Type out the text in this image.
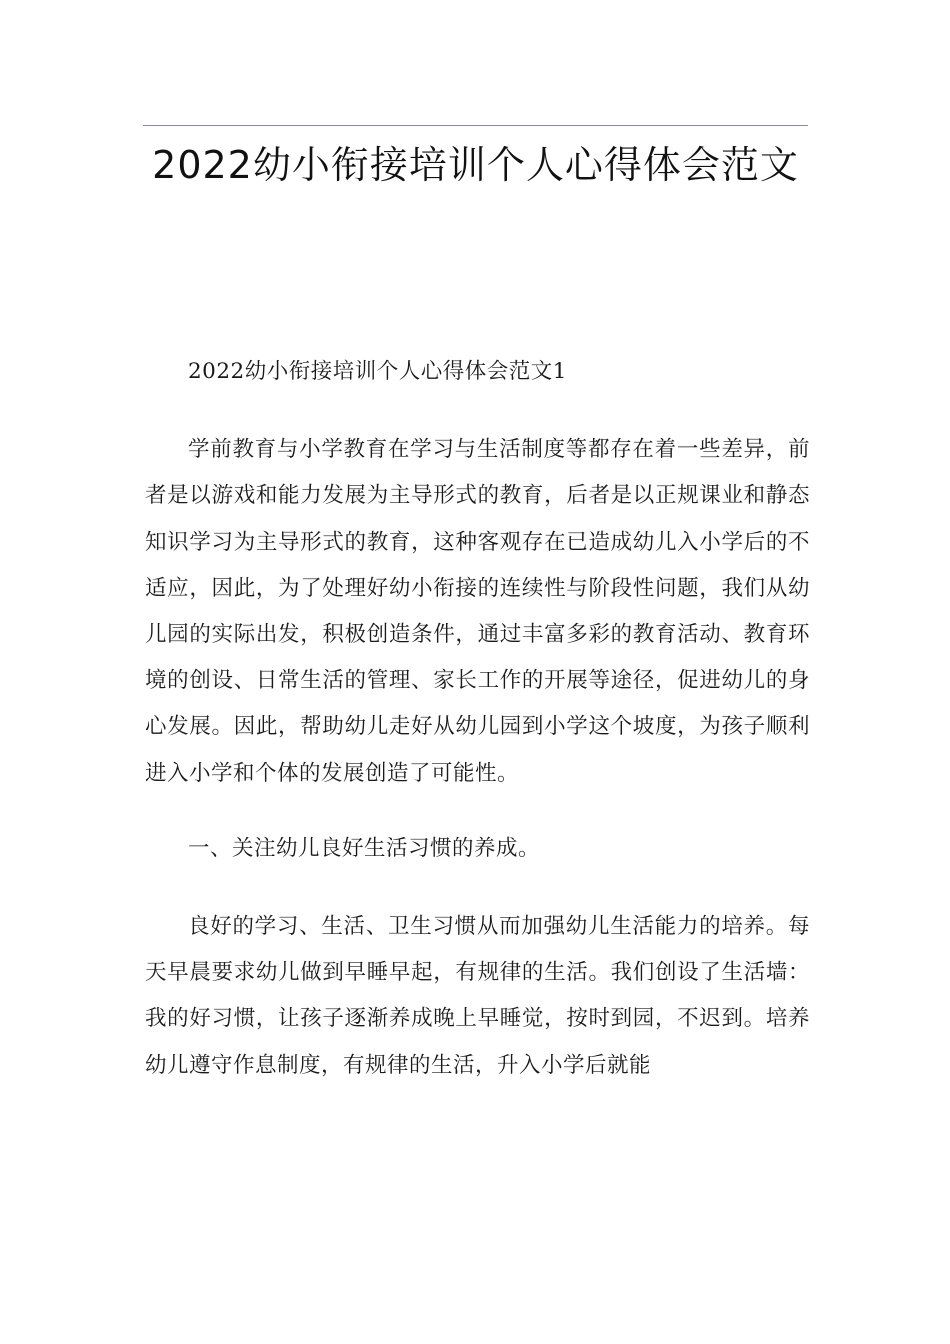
2022幼小衔接培训个人心得体会范文

2022幼小衔接培训个人心得体会范文1

学前教育与小学教育在学习与生活制度等都存在着一些差异，前者是以游戏和能力发展为主导形式的教育，后者是以正规课业和静态知识学习为主导形式的教育，这种客观存在已造成幼儿入小学后的不适应，因此，为了处理好幼小衔接的连续性与阶段性问题，我们从幼儿园的实际出发，积极创造条件，通过丰富多彩的教育活动、教育环境的创设、日常生活的管理、家长工作的开展等途径，促进幼儿的身心发展。因此，帮助幼儿走好从幼儿园到小学这个坡度，为孩子顺利进入小学和个体的发展创造了可能性。

一、关注幼儿良好生活习惯的养成。

良好的学习、生活、卫生习惯从而加强幼儿生活能力的培养。每天早晨要求幼儿做到早睡早起，有规律的生活。我们创设了生活墙：我的好习惯，让孩子逐渐养成晚上早睡觉，按时到园，不迟到。培养幼儿遵守作息制度，有规律的生活，升入小学后就能
